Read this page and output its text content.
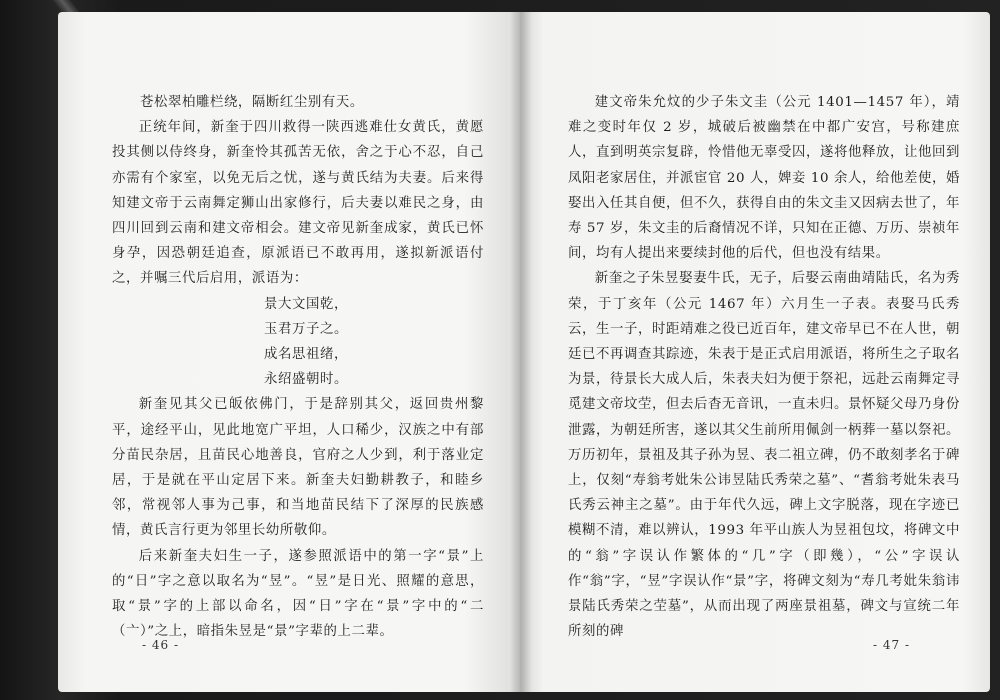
苍松翠柏雕栏绕，隔断红尘别有天。

正统年间，新奎于四川救得一陕西逃难仕女黄氏，黄愿投其侧以侍终身，新奎怜其孤苦无依，舍之于心不忍，自己亦需有个家室，以免无后之忧，遂与黄氏结为夫妻。后来得知建文帝于云南舞定狮山出家修行，后夫妻以难民之身，由四川回到云南和建文帝相会。建文帝见新奎成家，黄氏已怀身孕，因恐朝廷追查，原派语已不敢再用，遂拟新派语付之，并嘱三代后启用，派语为：

景大文国乾，

玉君万子之。

成名思祖绪，

永绍盛朝时。

新奎见其父已皈依佛门，于是辞别其父，返回贵州黎平，途经平山，见此地宽广平坦，人口稀少，汉族之中有部分苗民杂居，且苗民心地善良，官府之人少到，利于落业定居，于是就在平山定居下来。新奎夫妇勤耕教子，和睦乡邻，常视邻人事为己事，和当地苗民结下了深厚的民族感情，黄氏言行更为邻里长幼所敬仰。

后来新奎夫妇生一子，遂参照派语中的第一字“景”上的“日”字之意以取名为“昱”。“昱”是日光、照耀的意思，取“景”字的上部以命名，因“日”字在“景”字中的“二（亠）”之上，暗指朱昱是“景”字辈的上二辈。

- 46 -

建文帝朱允炆的少子朱文圭（公元 1401—1457 年），靖难之变时年仅 2 岁，城破后被幽禁在中都广安宫，号称建庶人，直到明英宗复辟，怜惜他无辜受囚，遂将他释放，让他回到凤阳老家居住，并派宦官 20 人，婢妾 10 余人，给他差使，婚娶出入任其自便，但不久，获得自由的朱文圭又因病去世了，年寿 57 岁，朱文圭的后裔情况不详，只知在正德、万历、崇祯年间，均有人提出来要续封他的后代，但也没有结果。

新奎之子朱昱娶妻牛氏，无子，后娶云南曲靖陆氏，名为秀荣，于丁亥年（公元 1467 年）六月生一子表。表娶马氏秀云，生一子，时距靖难之役已近百年，建文帝早已不在人世，朝廷已不再调查其踪迹，朱表于是正式启用派语，将所生之子取名为景，待景长大成人后，朱表夫妇为便于祭祀，远赴云南舞定寻觅建文帝坟茔，但去后杳无音讯，一直未归。景怀疑父母乃身份泄露，为朝廷所害，遂以其父生前所用佩剑一柄葬一墓以祭祀。万历初年，景祖及其子孙为昱、表二祖立碑，仍不敢刻孝名于碑上，仅刻“寿翁考妣朱公讳昱陆氏秀荣之墓”、“耆翁考妣朱表马氏秀云神主之墓”。由于年代久远，碑上文字脱落，现在字迹已模糊不清，难以辨认，1993 年平山族人为昱祖包坟，将碑文中的“翁”字误认作繁体的“几”字（即幾），“公”字误认作“翁”字，“昱”字误认作“景”字，将碑文刻为“寿几考妣朱翁讳景陆氏秀荣之茔墓”，从而出现了两座景祖墓，碑文与宣统二年所刻的碑

- 47 -
